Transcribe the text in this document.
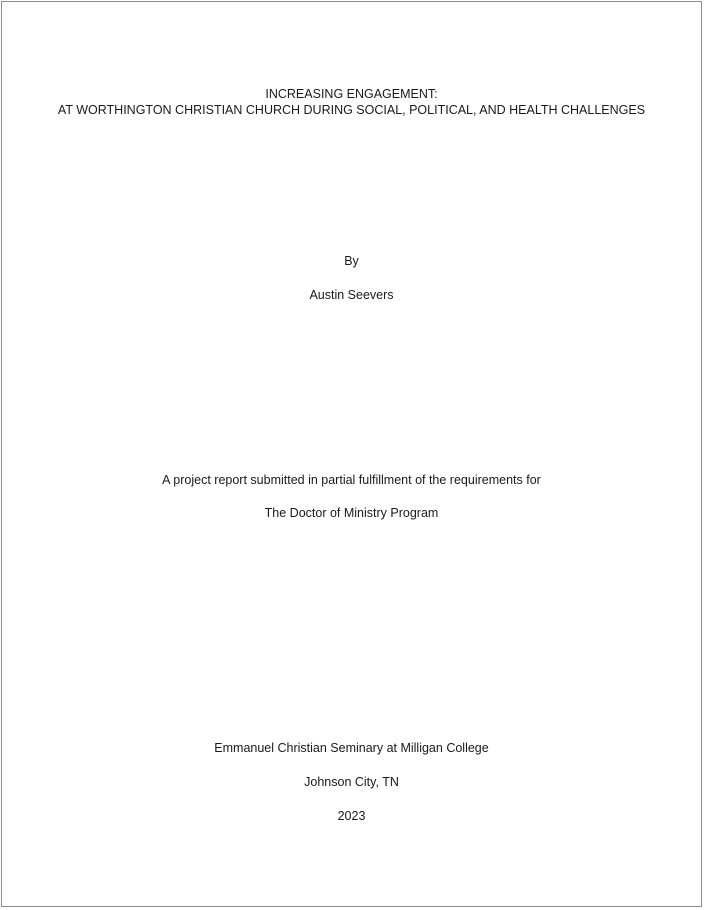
INCREASING ENGAGEMENT:
AT WORTHINGTON CHRISTIAN CHURCH DURING SOCIAL, POLITICAL, AND HEALTH CHALLENGES
By
Austin Seevers
A project report submitted in partial fulfillment of the requirements for
The Doctor of Ministry Program
Emmanuel Christian Seminary at Milligan College
Johnson City, TN
2023
